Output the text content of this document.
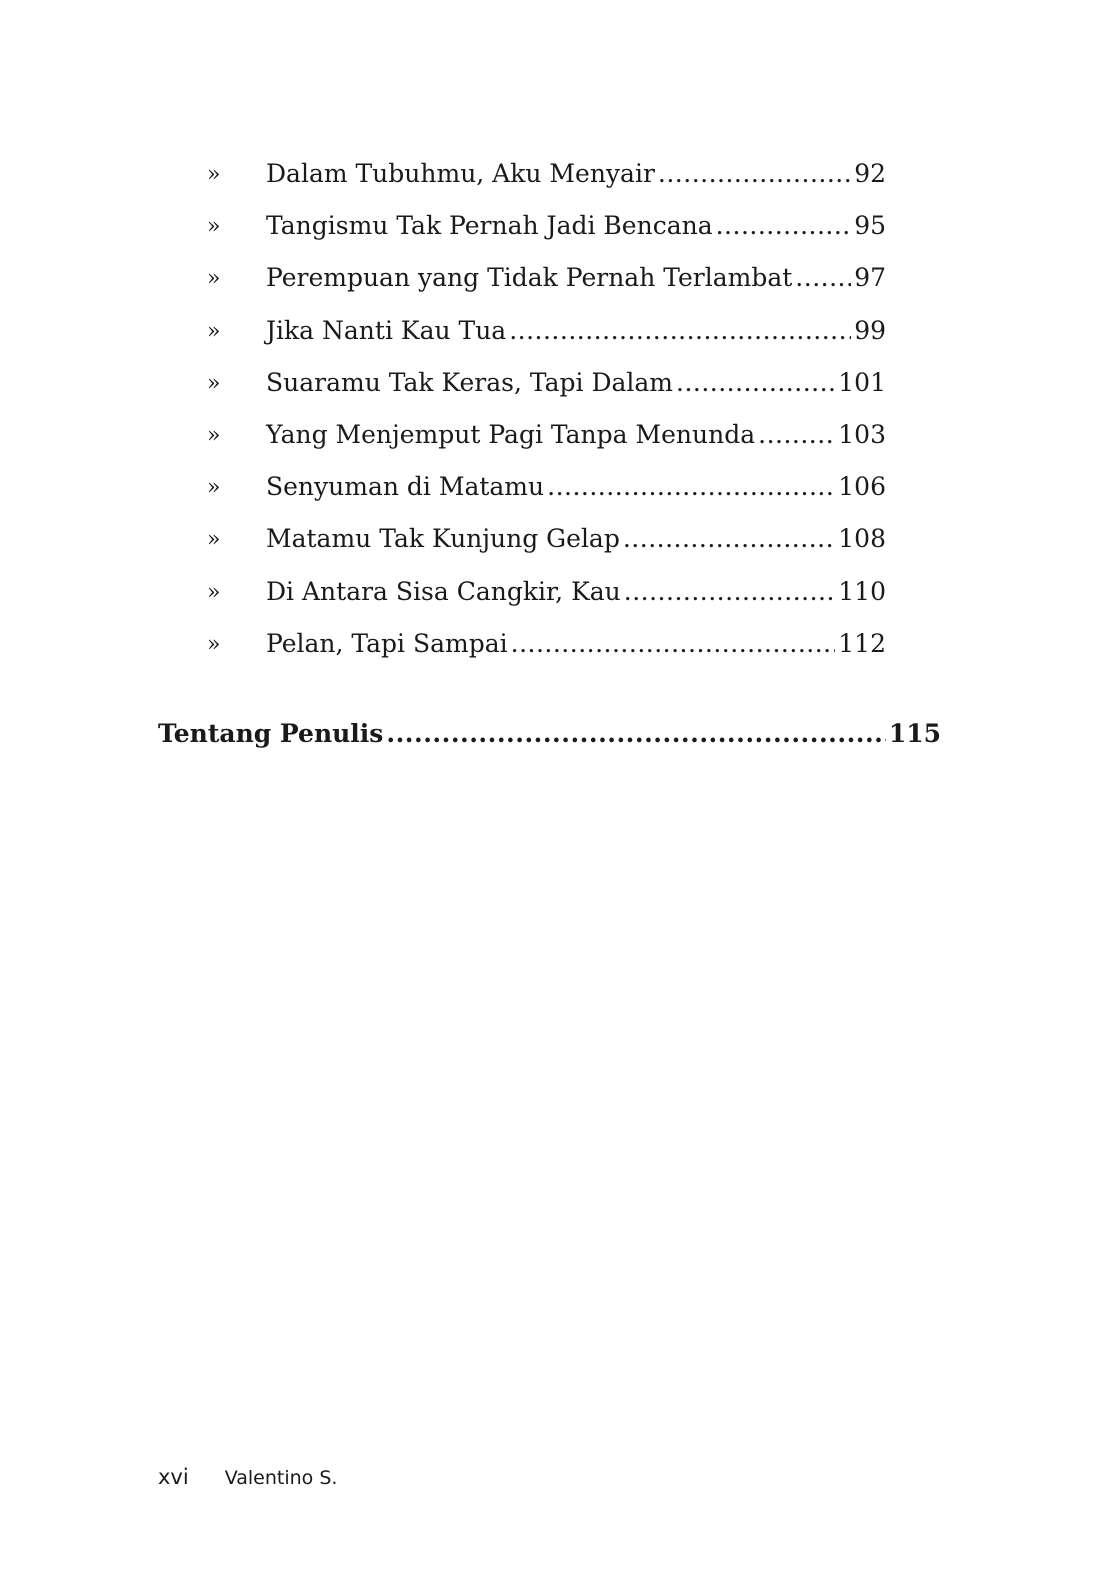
» Dalam Tubuhmu, Aku Menyair .....	92
» Tangismu Tak Pernah Jadi Bencana .....	95
» Perempuan yang Tidak Pernah Terlambat ..... 97
» Jika Nanti Kau Tua .....	99
» Suaramu Tak Keras, Tapi Dalam .....	101
» Yang Menjemput Pagi Tanpa Menunda .....	103
» Senyuman di Matamu .....	106
» Matamu Tak Kunjung Gelap .....	108
» Di Antara Sisa Cangkir, Kau .....	110
» Pelan, Tapi Sampai .....	112
Tentang Penulis .....	115
xvi Valentino S.
